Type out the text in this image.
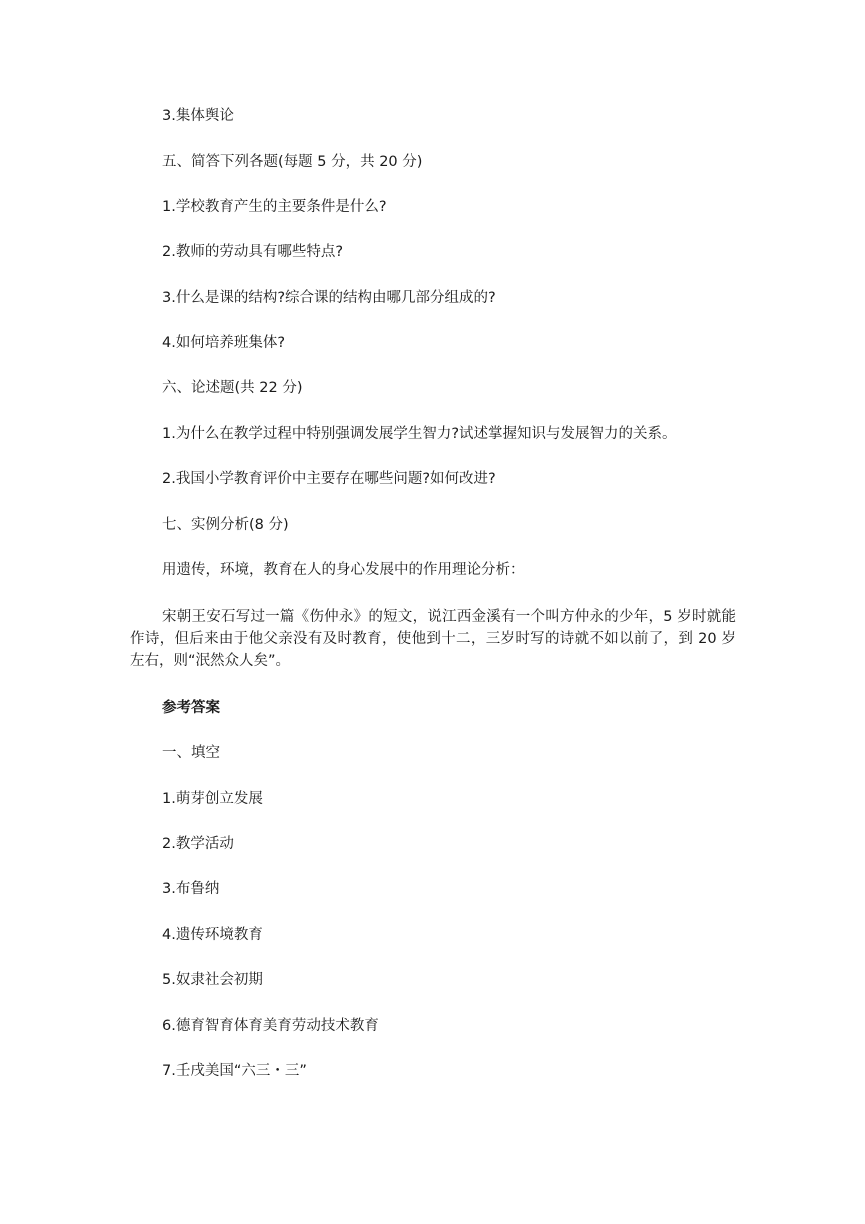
3.集体舆论

五、简答下列各题(每题 5 分，共 20 分)

1.学校教育产生的主要条件是什么?

2.教师的劳动具有哪些特点?

3.什么是课的结构?综合课的结构由哪几部分组成的?

4.如何培养班集体?

六、论述题(共 22 分)

1.为什么在教学过程中特别强调发展学生智力?试述掌握知识与发展智力的关系。

2.我国小学教育评价中主要存在哪些问题?如何改进?

七、实例分析(8 分)

用遗传，环境，教育在人的身心发展中的作用理论分析：

宋朝王安石写过一篇《伤仲永》的短文，说江西金溪有一个叫方仲永的少年，5 岁时就能作诗，但后来由于他父亲没有及时教育，使他到十二，三岁时写的诗就不如以前了，到 20 岁左右，则“泯然众人矣”。

参考答案

一、填空

1.萌芽创立发展

2.教学活动

3.布鲁纳

4.遗传环境教育

5.奴隶社会初期

6.德育智育体育美育劳动技术教育

7.壬戌美国“六三・三”
